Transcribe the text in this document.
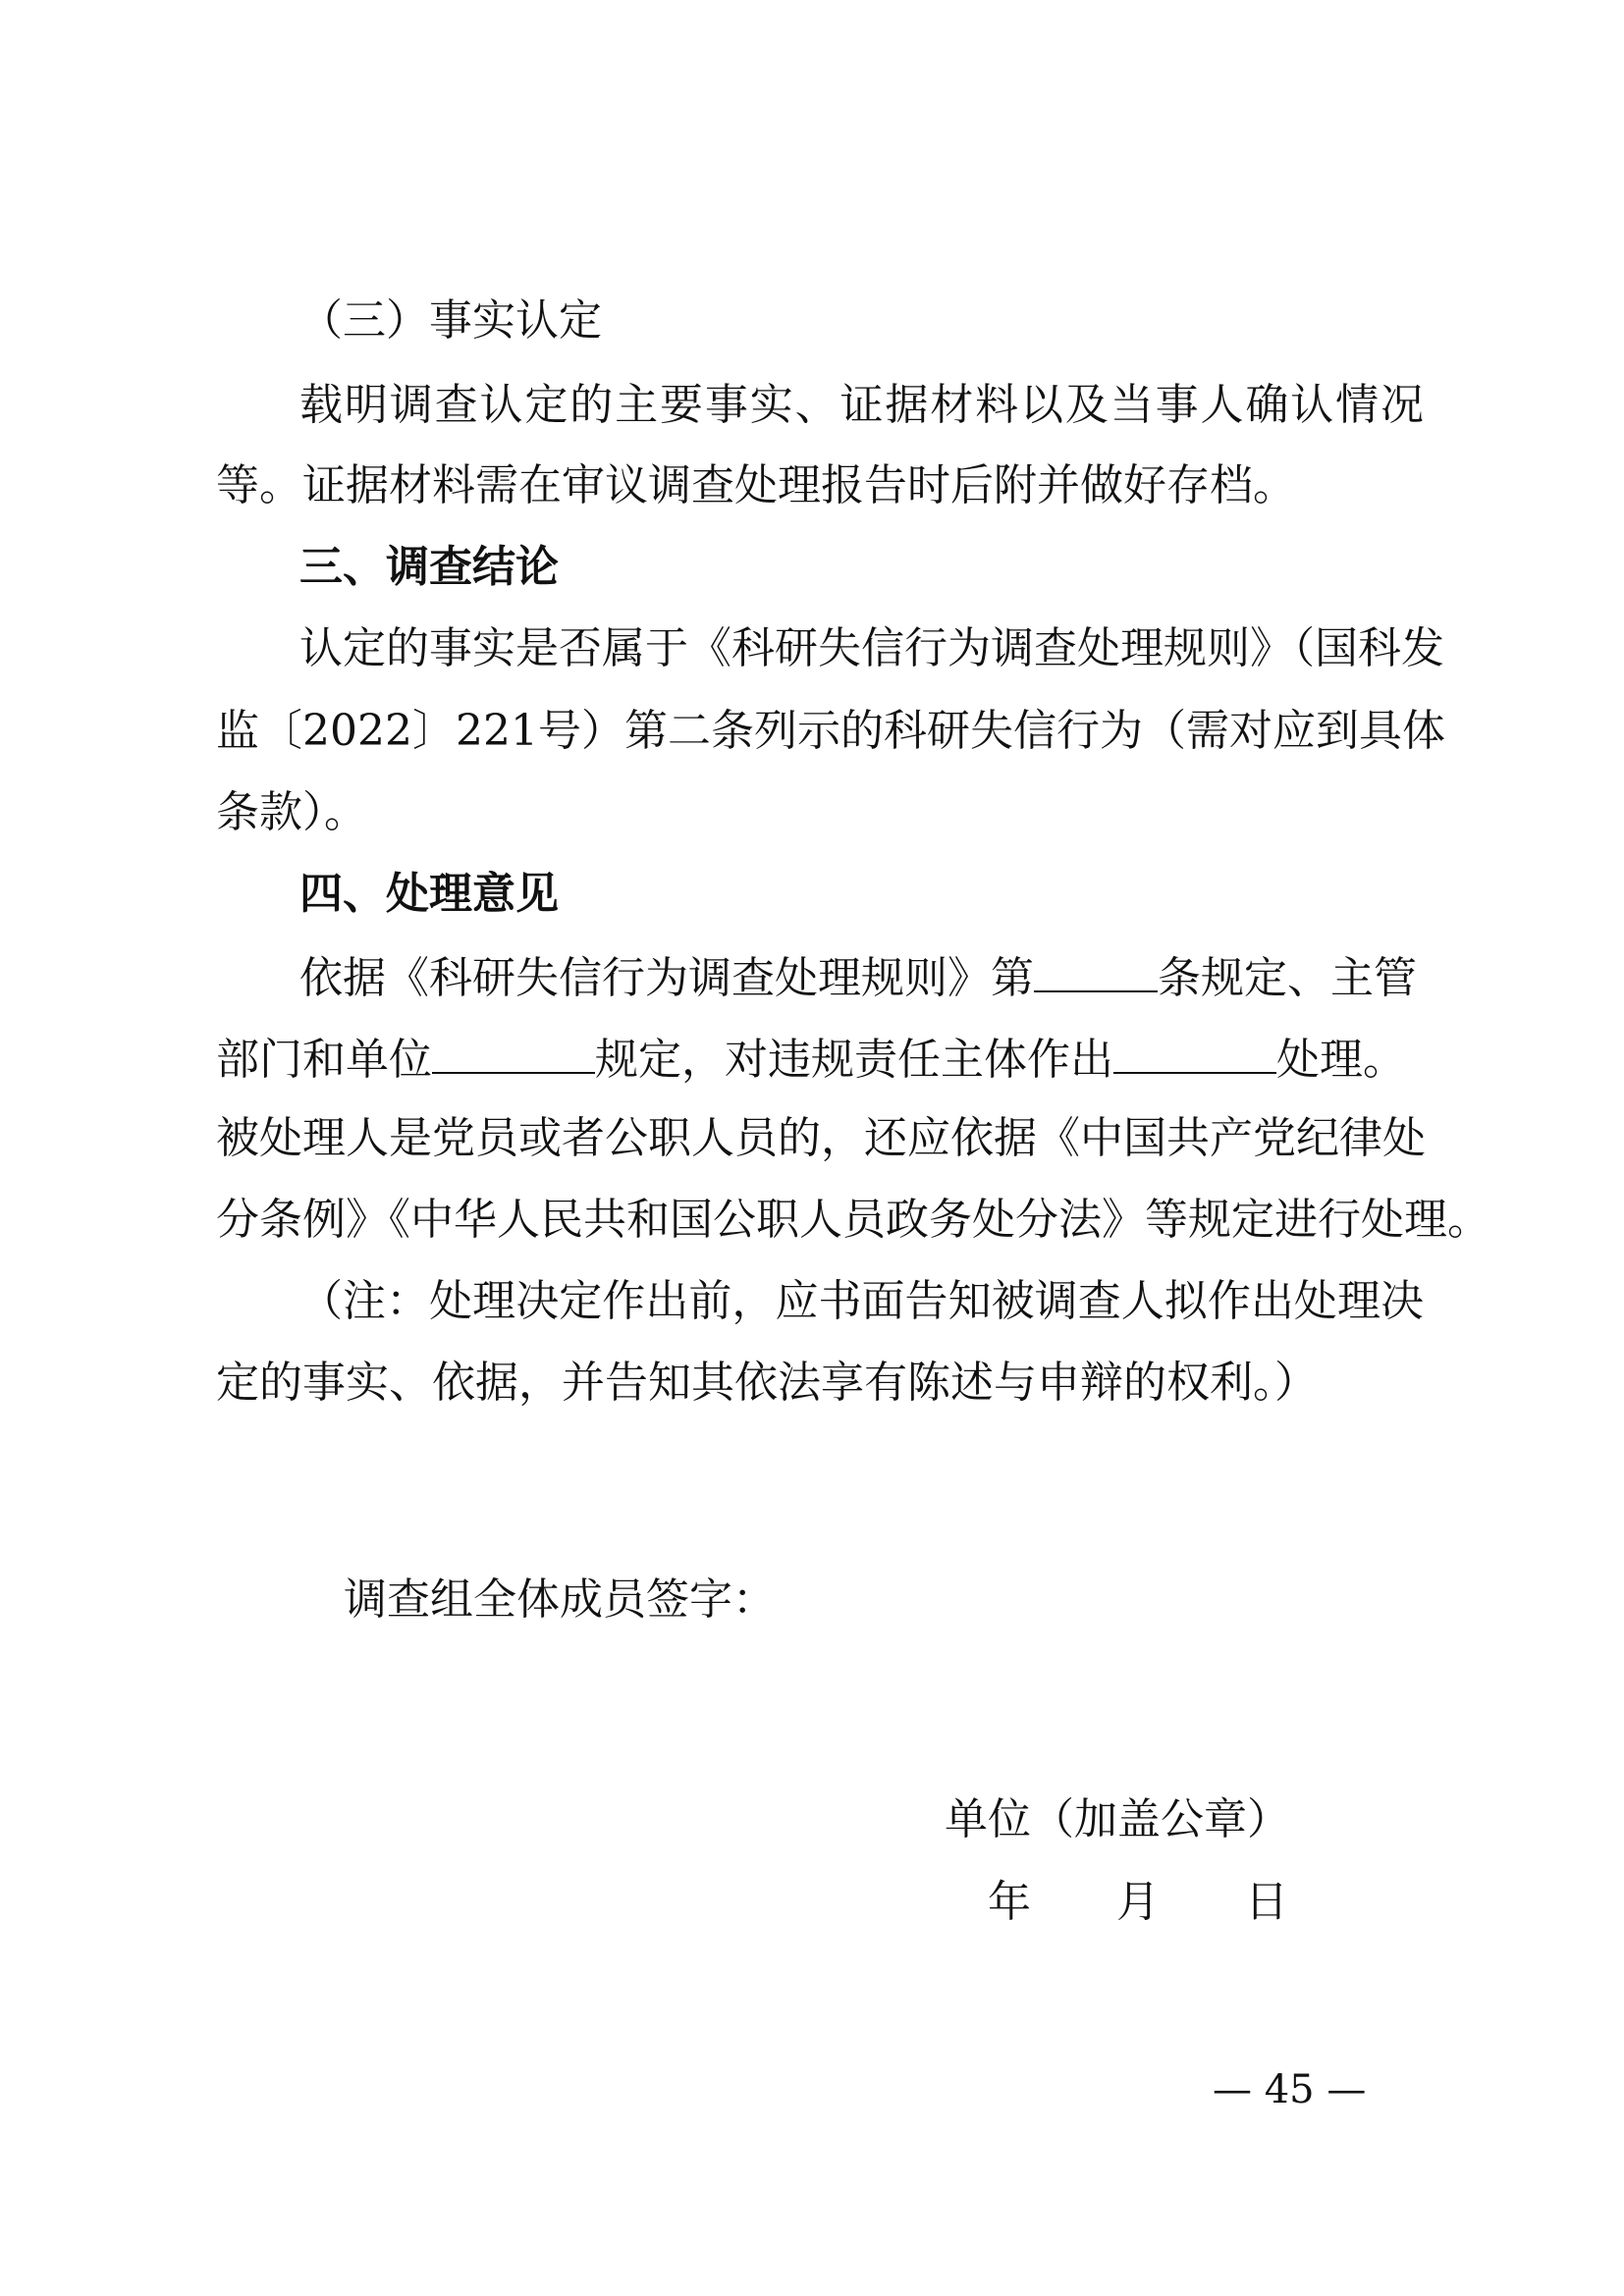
（三）事实认定
载明调查认定的主要事实、证据材料以及当事人确认情况
等。证据材料需在审议调查处理报告时后附并做好存档。
三、调查结论
认定的事实是否属于《科研失信行为调查处理规则》（国科发
监〔2022〕221号）第二条列示的科研失信行为（需对应到具体
条款）。
四、处理意见
依据《科研失信行为调查处理规则》第	条规定、主管
部门和单位	规定，对违规责任主体作出	处理。
被处理人是党员或者公职人员的，还应依据《中国共产党纪律处
分条例》《中华人民共和国公职人员政务处分法》等规定进行处理。
（注：处理决定作出前，应书面告知被调查人拟作出处理决
定的事实、依据，并告知其依法享有陈述与申辩的权利。）
调查组全体成员签字：
单位（加盖公章）
年 月 日
— 45 —
